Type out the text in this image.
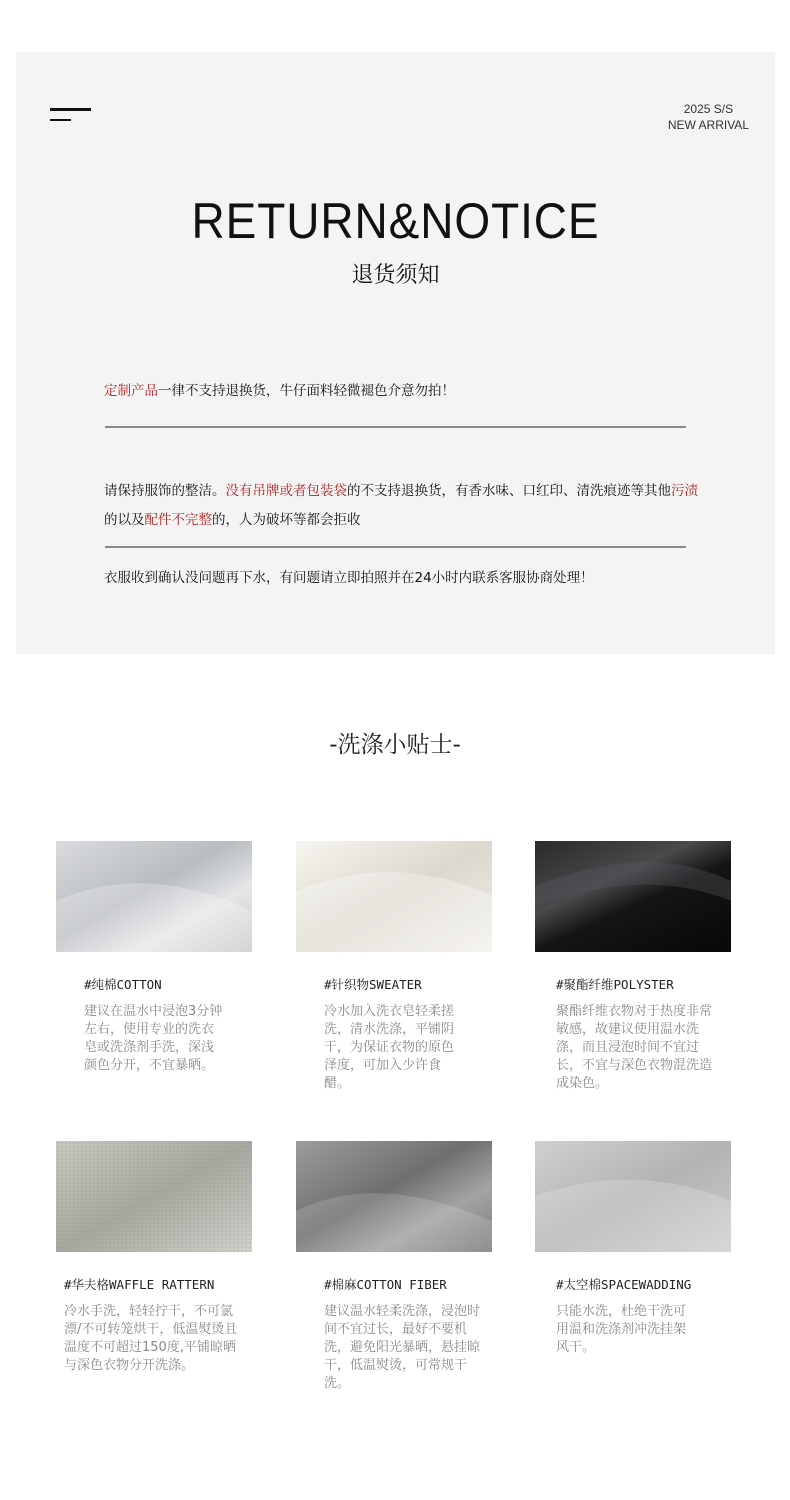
2025 S/S
NEW ARRIVAL
RETURN&NOTICE
退货须知
定制产品一律不支持退换货，牛仔面料轻微褪色介意勿拍！
请保持服饰的整洁。没有吊牌或者包装袋的不支持退换货，有香水味、口红印、清洗痕迹等其他污渍的以及配件不完整的，人为破坏等都会拒收
衣服收到确认没问题再下水，有问题请立即拍照并在24小时内联系客服协商处理！
-洗涤小贴士-
#纯棉COTTON
建议在温水中浸泡3分钟左右，使用专业的洗衣皂或洗涤剂手洗，深浅颜色分开，不宜暴晒。
#针织物SWEATER
冷水加入洗衣皂轻柔搓洗，清水洗涤，平铺阴干，为保证衣物的原色泽度，可加入少许食醋。
#聚酯纤维POLYSTER
聚酯纤维衣物对于热度非常敏感，故建议使用温水洗涤，而且浸泡时间不宜过长，不宜与深色衣物混洗造成染色。
#华夫格WAFFLE RATTERN
冷水手洗，轻轻拧干，不可氯漂/不可转笼烘干，低温熨烫且温度不可超过150度,平铺晾晒与深色衣物分开洗涤。
#棉麻COTTON FIBER
建议温水轻柔洗涤，浸泡时间不宜过长，最好不要机洗，避免阳光暴晒，悬挂晾干，低温熨烫，可常规干洗。
#太空棉SPACEWADDING
只能水洗，杜绝干洗可用温和洗涤剂冲洗挂架风干。
